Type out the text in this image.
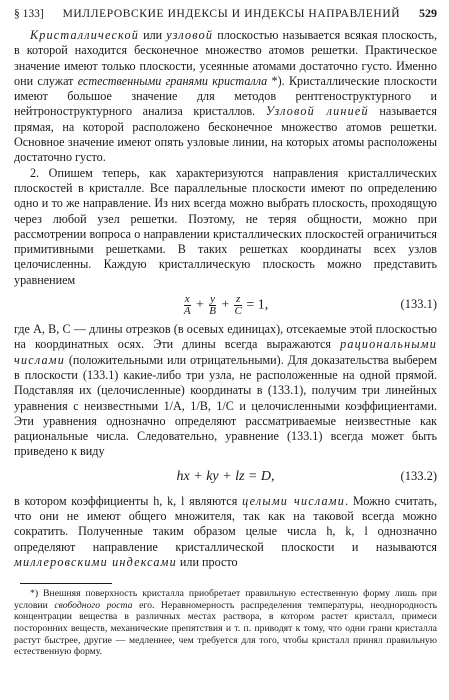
§ 133] МИЛЛЕРОВСКИЕ ИНДЕКСЫ И ИНДЕКСЫ НАПРАВЛЕНИЙ 529

Кристаллической или узловой плоскостью называется всякая плоскость, в которой находится бесконечное множество атомов решетки. Практическое значение имеют только плоскости, усеянные атомами достаточно густо. Именно они служат естественными гранями кристалла *). Кристаллические плоскости имеют большое значение для методов рентгеноструктурного и нейтроноструктурного анализа кристаллов. Узловой линией называется прямая, на которой расположено бесконечное множество атомов решетки. Основное значение имеют опять узловые линии, на которых атомы расположены достаточно густо.

2. Опишем теперь, как характеризуются направления кристаллических плоскостей в кристалле. Все параллельные плоскости имеют по определению одно и то же направление. Из них всегда можно выбрать плоскость, проходящую через любой узел решетки. Поэтому, не теряя общности, можно при рассмотрении вопроса о направлении кристаллических плоскостей ограничиться примитивными решетками. В таких решетках координаты всех узлов целочисленны. Каждую кристаллическую плоскость можно представить уравнением

$\frac{x}{A} + \frac{y}{B} + \frac{z}{C} = 1$,	(133.1)

где A, B, C — длины отрезков (в осевых единицах), отсекаемые этой плоскостью на координатных осях. Эти длины всегда выражаются рациональными числами (положительными или отрицательными). Для доказательства выберем в плоскости (133.1) какие-либо три узла, не расположенные на одной прямой. Подставляя их (целочисленные) координаты в (133.1), получим три линейных уравнения с неизвестными 1/A, 1/B, 1/C и целочисленными коэффициентами. Эти уравнения однозначно определяют рассматриваемые неизвестные как рациональные числа. Следовательно, уравнение (133.1) всегда может быть приведено к виду

hx + ky + lz = D,	(133.2)

в котором коэффициенты h, k, l являются целыми числами. Можно считать, что они не имеют общего множителя, так как на таковой всегда можно сократить. Полученные таким образом целые числа h, k, l однозначно определяют направление кристаллической плоскости и называются миллеровскими индексами или просто

*) Внешняя поверхность кристалла приобретает правильную естественную форму лишь при условии свободного роста его. Неравномерность распределения температуры, неоднородность концентрации вещества в различных местах раствора, в котором растет кристалл, примеси посторонних веществ, механические препятствия и т. п. приводят к тому, что одни грани кристалла растут быстрее, другие — медленнее, чем требуется для того, чтобы кристалл принял правильную естественную форму.
